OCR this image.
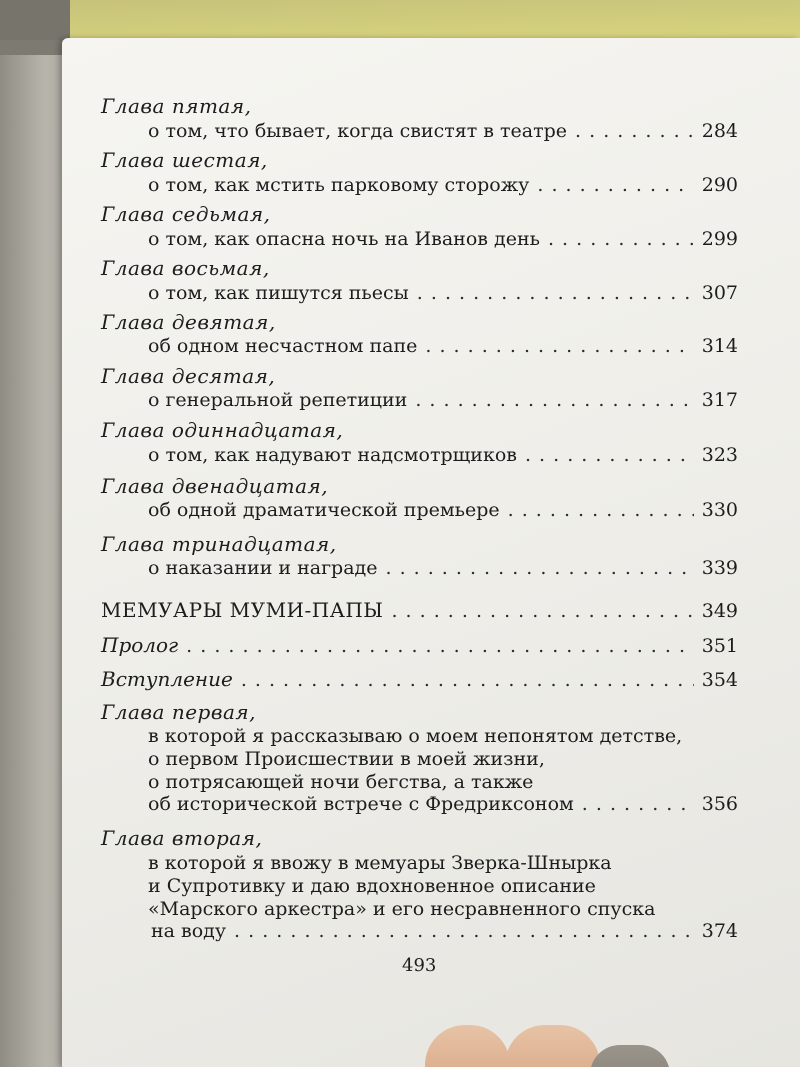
Глава пятая,
о том, что бывает, когда свистят в театре . . .	284
Глава шестая,
о том, как мстить парковому сторожу . . .	290
Глава седьмая,
о том, как опасна ночь на Иванов день . . .	299
Глава восьмая,
о том, как пишутся пьесы . . .	307
Глава девятая,
об одном несчастном папе . . .	314
Глава десятая,
о генеральной репетиции . . .	317
Глава одиннадцатая,
о том, как надувают надсмотрщиков . . .	323
Глава двенадцатая,
об одной драматической премьере . . .	330
Глава тринадцатая,
о наказании и награде . . .	339
МЕМУАРЫ МУМИ-ПАПЫ . . .	349
Пролог . . .	351
Вступление . . .	354
Глава первая,
в которой я рассказываю о моем непонятом детстве,
о первом Происшествии в моей жизни,
о потрясающей ночи бегства, а также
об исторической встрече с Фредриксоном . . .	356
Глава вторая,
в которой я ввожу в мемуары Зверка-Шнырка
и Супротивку и даю вдохновенное описание
«Марского аркестра» и его несравненного спуска
на воду . . .	374
493
